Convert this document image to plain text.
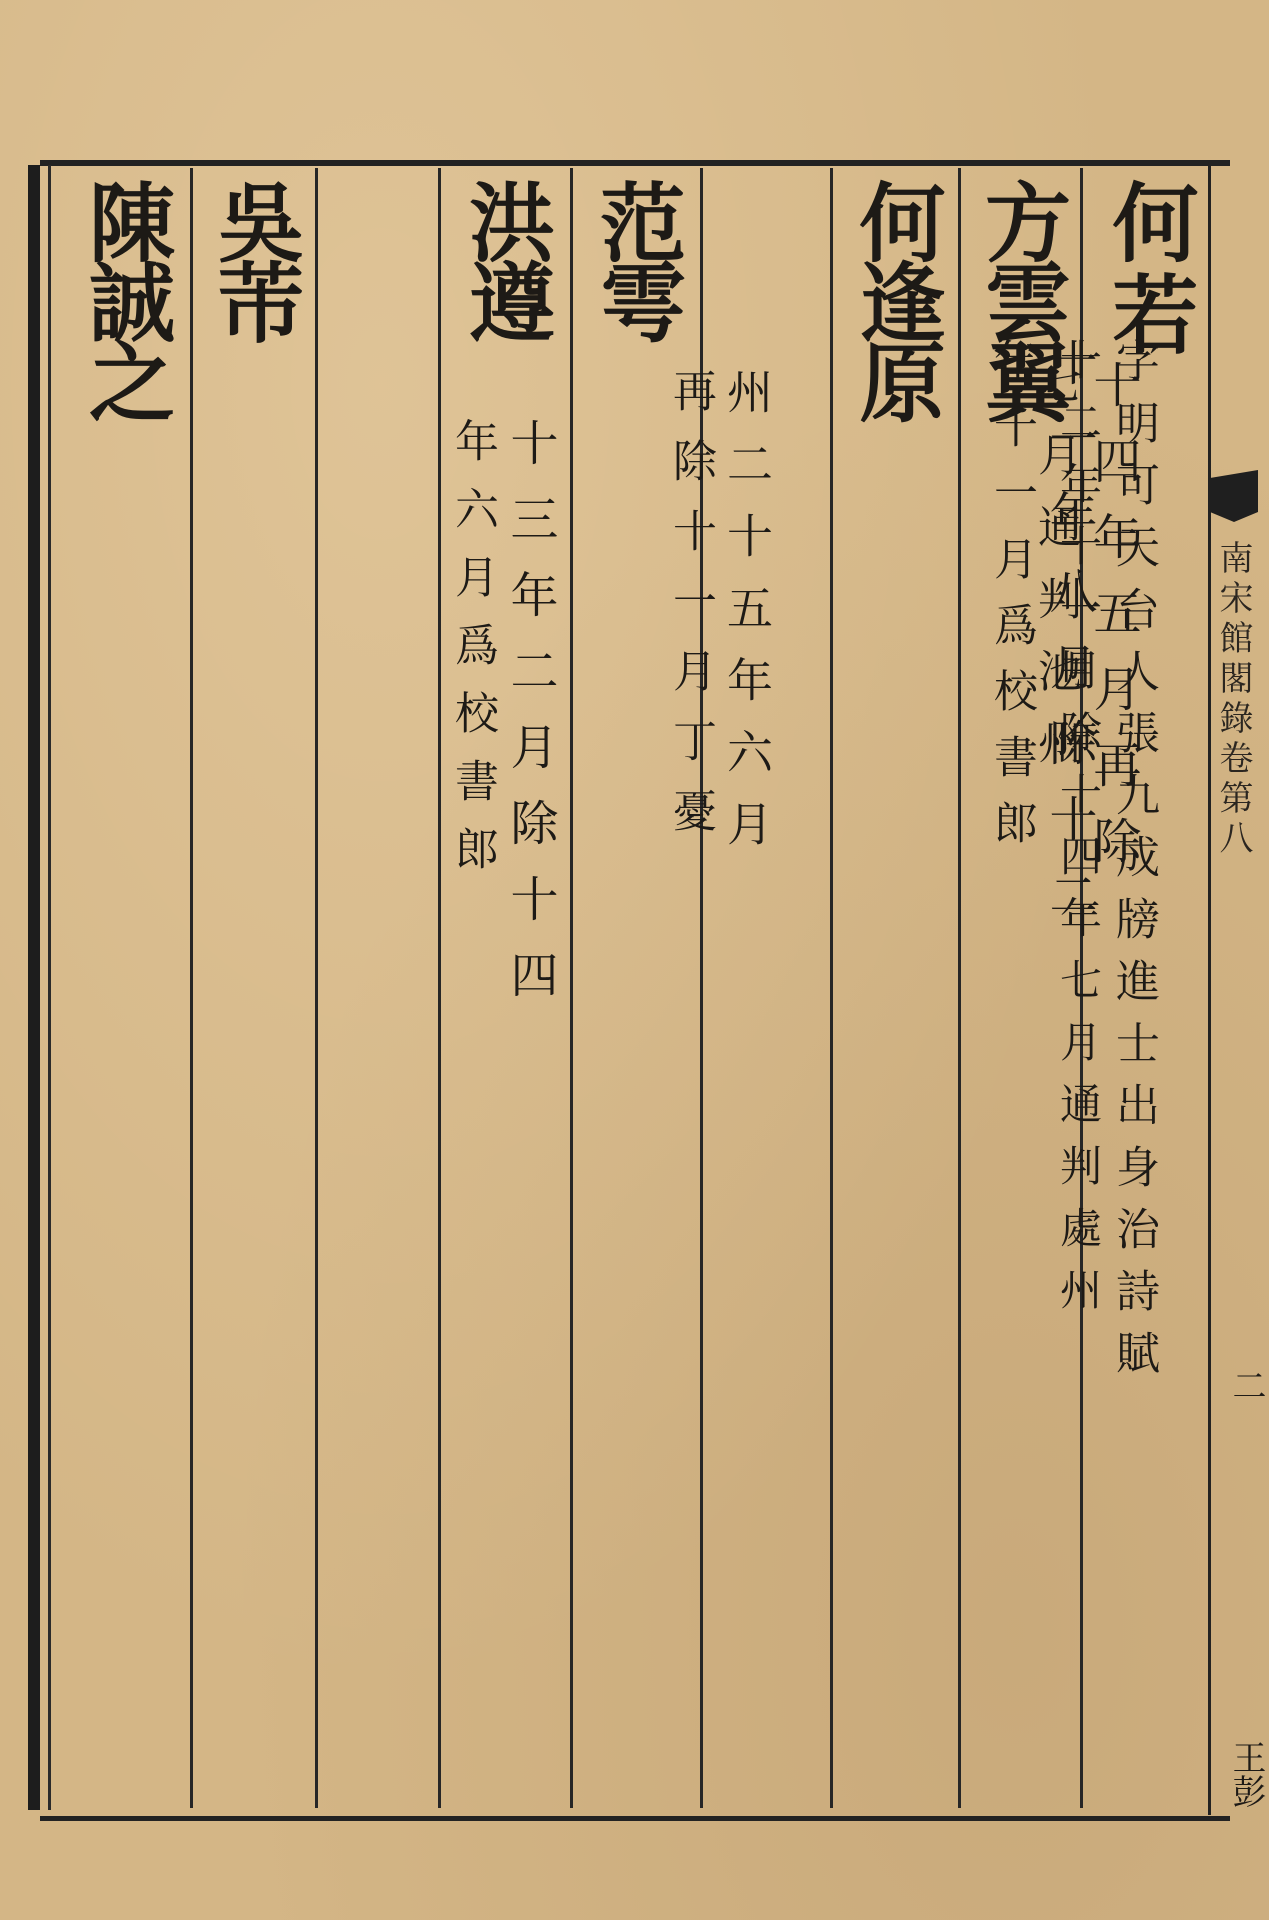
何若
方雲翼
何逢原
十四年五月再除
七月通判池州
范雩
十一年八月除十二
年十一月爲校書郎
洪遵
州二十五年六月
再除十一月丁憂
吳芾
字明可天台人張九成牓進士出身治詩賦
十二年十一月除十四年七月通判處州
陳誠之
十三年二月除十四
年六月爲校書郎	南宋館閣錄卷第八
二
王彭
